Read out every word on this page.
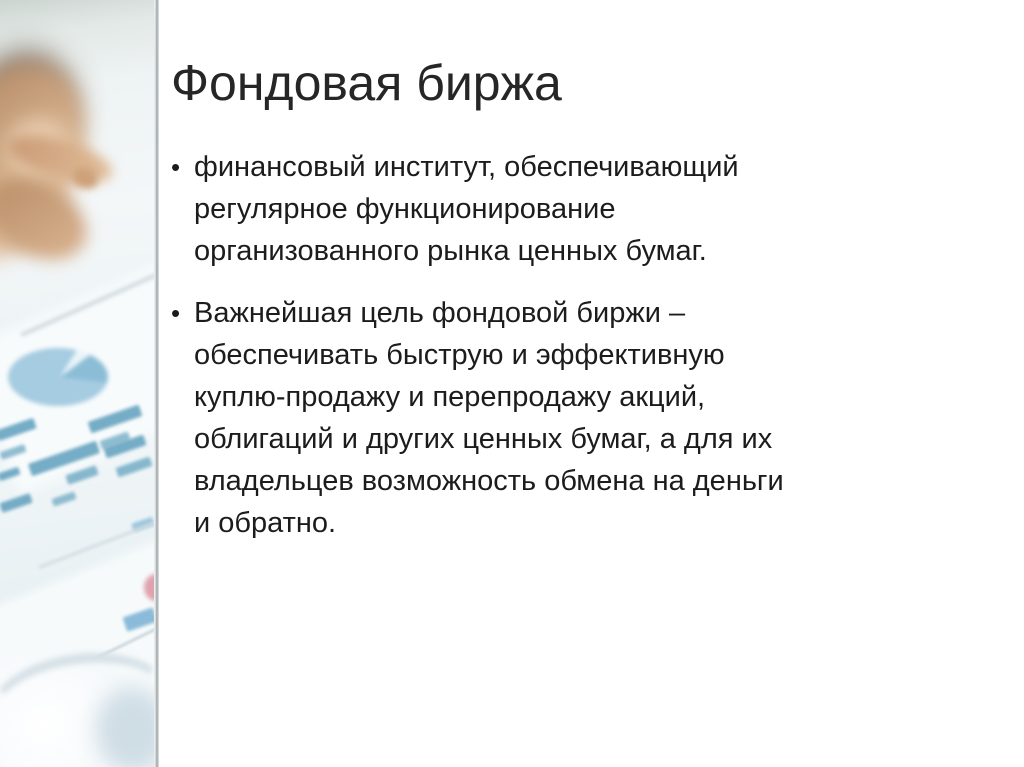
Фондовая биржа
• финансовый институт, обеспечивающий
регулярное функционирование
организованного рынка ценных бумаг.
• Важнейшая цель фондовой биржи –
обеспечивать быструю и эффективную
куплю-продажу и перепродажу акций,
облигаций и других ценных бумаг, а для их
владельцев возможность обмена на деньги
и обратно.
